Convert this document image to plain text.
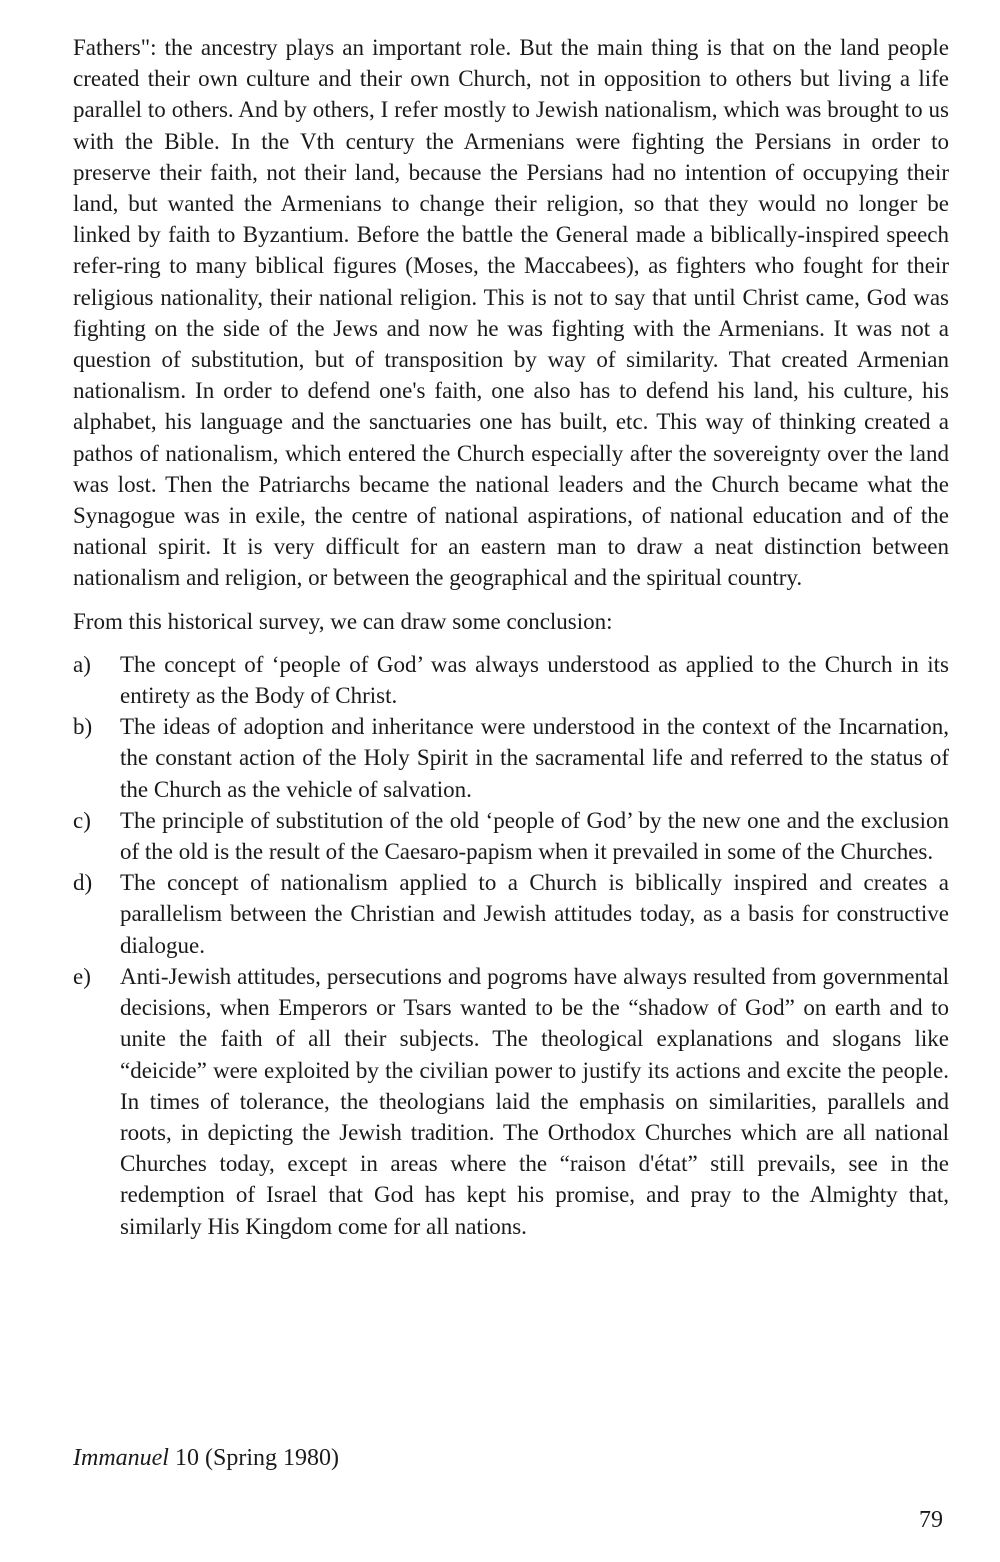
Fathers": the ancestry plays an important role. But the main thing is that on the land people created their own culture and their own Church, not in opposition to others but living a life parallel to others. And by others, I refer mostly to Jewish nationalism, which was brought to us with the Bible. In the Vth century the Armenians were fighting the Persians in order to preserve their faith, not their land, because the Persians had no intention of occupying their land, but wanted the Armenians to change their religion, so that they would no longer be linked by faith to Byzantium. Before the battle the General made a biblically-inspired speech refer-ring to many biblical figures (Moses, the Maccabees), as fighters who fought for their religious nationality, their national religion. This is not to say that until Christ came, God was fighting on the side of the Jews and now he was fighting with the Armenians. It was not a question of substitution, but of transposition by way of similarity. That created Armenian nationalism. In order to defend one's faith, one also has to defend his land, his culture, his alphabet, his language and the sanctuaries one has built, etc. This way of thinking created a pathos of nationalism, which entered the Church especially after the sovereignty over the land was lost. Then the Patriarchs became the national leaders and the Church became what the Synagogue was in exile, the centre of national aspirations, of national education and of the national spirit. It is very difficult for an eastern man to draw a neat distinction between nationalism and religion, or between the geographical and the spiritual country.

From this historical survey, we can draw some conclusion:

a) The concept of ‘people of God’ was always understood as applied to the Church in its entirety as the Body of Christ.
b) The ideas of adoption and inheritance were understood in the context of the Incarnation, the constant action of the Holy Spirit in the sacramental life and referred to the status of the Church as the vehicle of salvation.
c) The principle of substitution of the old ‘people of God’ by the new one and the exclusion of the old is the result of the Caesaro-papism when it prevailed in some of the Churches.
d) The concept of nationalism applied to a Church is biblically inspired and creates a parallelism between the Christian and Jewish attitudes today, as a basis for constructive dialogue.
e) Anti-Jewish attitudes, persecutions and pogroms have always resulted from governmental decisions, when Emperors or Tsars wanted to be the “shadow of God” on earth and to unite the faith of all their subjects. The theological explanations and slogans like “deicide” were exploited by the civilian power to justify its actions and excite the people. In times of tolerance, the theologians laid the emphasis on similarities, parallels and roots, in depicting the Jewish tradition. The Orthodox Churches which are all national Churches today, except in areas where the “raison d'état” still prevails, see in the redemption of Israel that God has kept his promise, and pray to the Almighty that, similarly His Kingdom come for all nations.
Immanuel 10 (Spring 1980)
79
